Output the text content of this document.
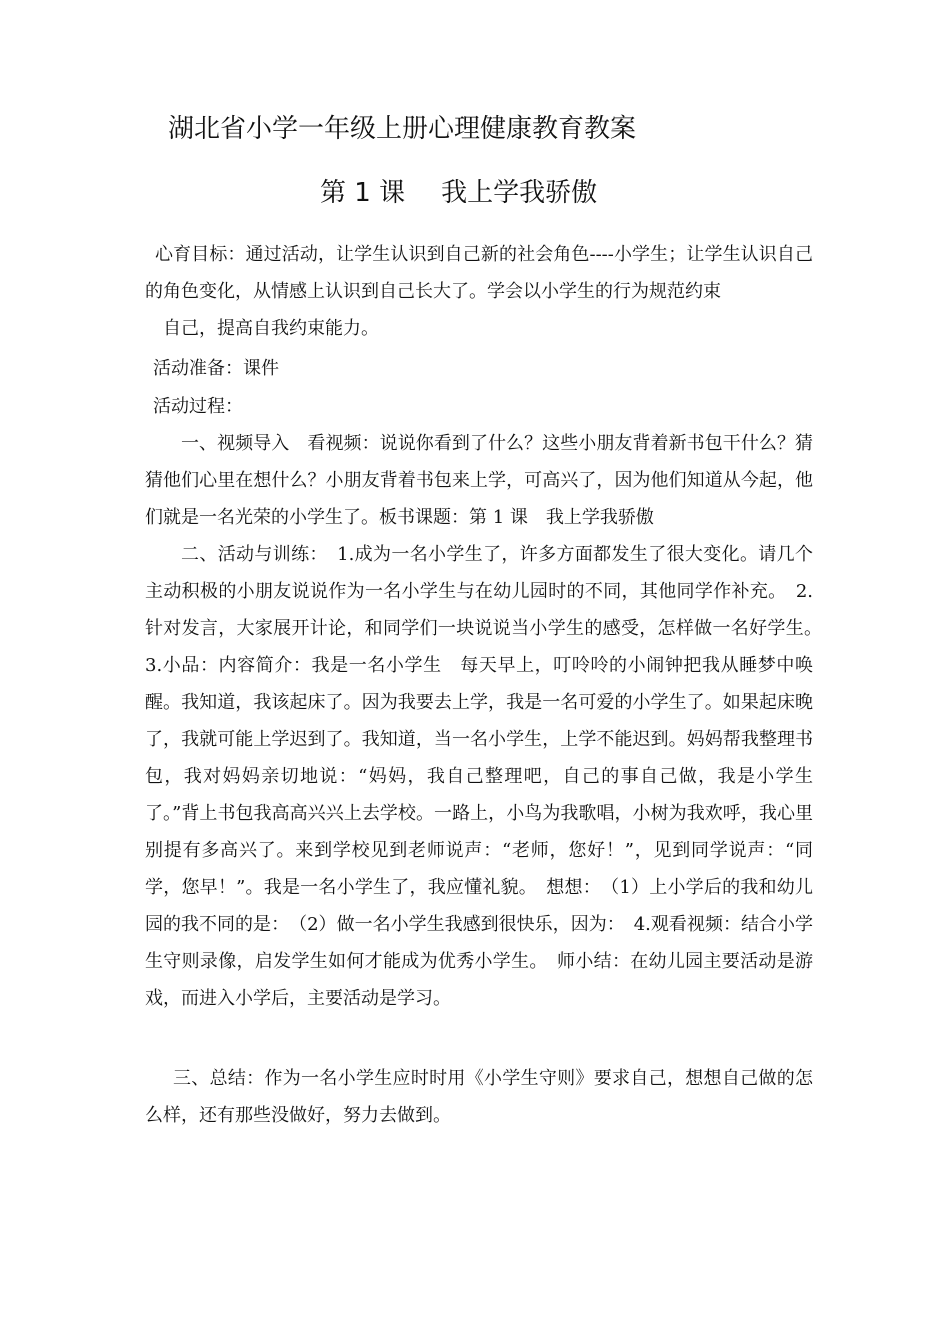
湖北省小学一年级上册心理健康教育教案
第 1 课 我上学我骄傲

心育目标：通过活动，让学生认识到自己新的社会角色----小学生；让学生认识自己的角色变化，从情感上认识到自己长大了。学会以小学生的行为规范约束

自己，提高自我约束能力。

活动准备：课件

活动过程：

一、视频导入　看视频：说说你看到了什么？这些小朋友背着新书包干什么？猜猜他们心里在想什么？小朋友背着书包来上学，可高兴了，因为他们知道从今起，他们就是一名光荣的小学生了。板书课题：第 1 课　我上学我骄傲

二、活动与训练：　1.成为一名小学生了，许多方面都发生了很大变化。请几个主动积极的小朋友说说作为一名小学生与在幼儿园时的不同，其他同学作补充。　2.针对发言，大家展开计论，和同学们一块说说当小学生的感受，怎样做一名好学生。　3.小品：内容简介：我是一名小学生　每天早上，叮呤呤的小闹钟把我从睡梦中唤醒。我知道，我该起床了。因为我要去上学，我是一名可爱的小学生了。如果起床晚了，我就可能上学迟到了。我知道，当一名小学生，上学不能迟到。妈妈帮我整理书包，我对妈妈亲切地说：“妈妈，我自己整理吧，自己的事自己做，我是小学生了。”背上书包我高高兴兴上去学校。一路上，小鸟为我歌唱，小树为我欢呼，我心里别提有多高兴了。来到学校见到老师说声：“老师，您好！”，见到同学说声：“同学，您早！”。我是一名小学生了，我应懂礼貌。　想想：　（1）上小学后的我和幼儿园的我不同的是：　（2）做一名小学生我感到很快乐，因为：　4.观看视频：结合小学生守则录像，启发学生如何才能成为优秀小学生。　师小结：在幼儿园主要活动是游戏，而进入小学后，主要活动是学习。

三、总结：作为一名小学生应时时用《小学生守则》要求自己，想想自己做的怎么样，还有那些没做好，努力去做到。
